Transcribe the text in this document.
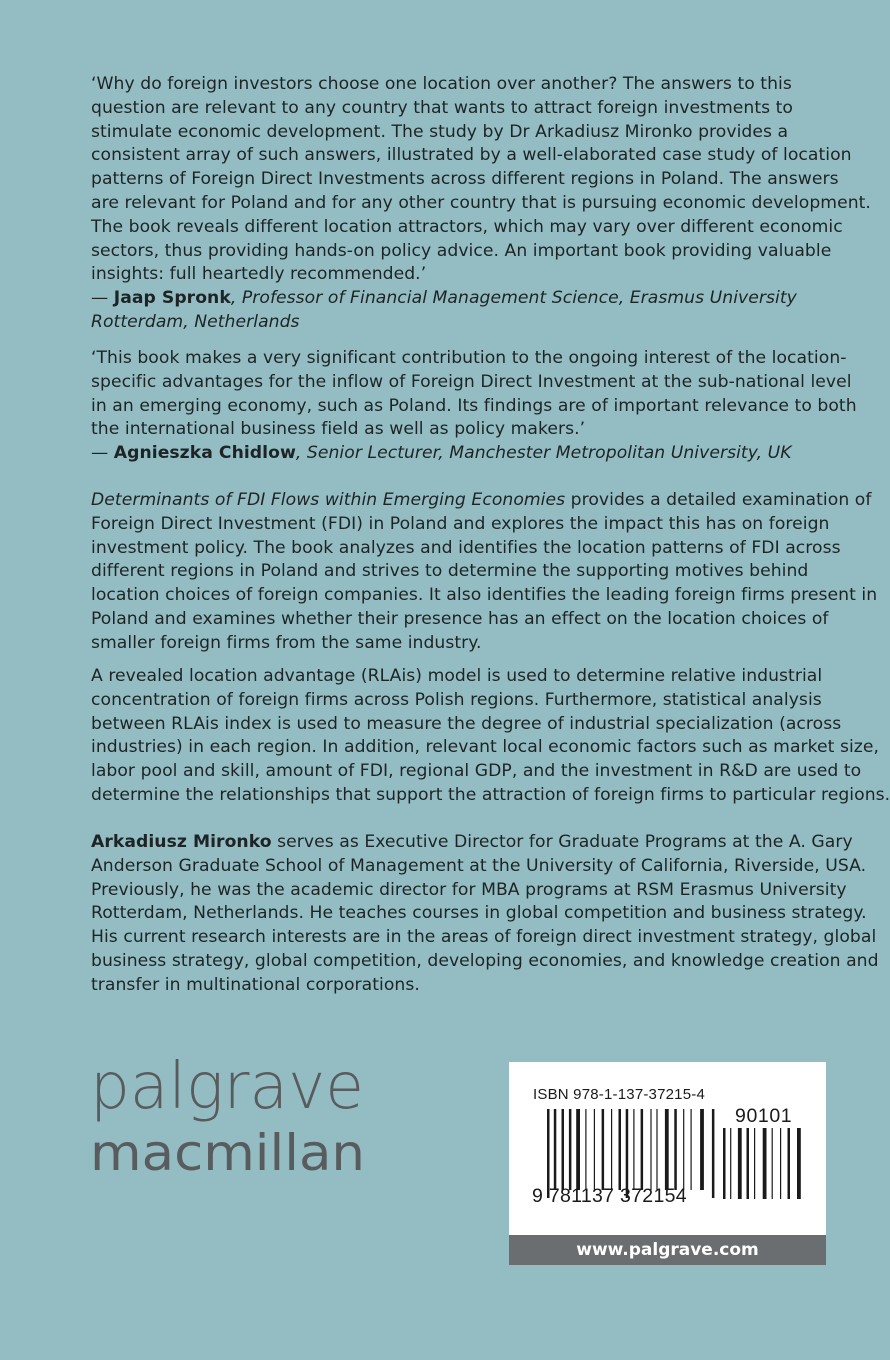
‘Why do foreign investors choose one location over another? The answers to this
question are relevant to any country that wants to attract foreign investments to
stimulate economic development. The study by Dr Arkadiusz Mironko provides a
consistent array of such answers, illustrated by a well-elaborated case study of location
patterns of Foreign Direct Investments across different regions in Poland. The answers
are relevant for Poland and for any other country that is pursuing economic development.
The book reveals different location attractors, which may vary over different economic
sectors, thus providing hands-on policy advice. An important book providing valuable
insights: full heartedly recommended.’
— Jaap Spronk, Professor of Financial Management Science, Erasmus University
Rotterdam, Netherlands
‘This book makes a very significant contribution to the ongoing interest of the location-
specific advantages for the inflow of Foreign Direct Investment at the sub-national level
in an emerging economy, such as Poland. Its findings are of important relevance to both
the international business field as well as policy makers.’
— Agnieszka Chidlow, Senior Lecturer, Manchester Metropolitan University, UK
Determinants of FDI Flows within Emerging Economies provides a detailed examination of
Foreign Direct Investment (FDI) in Poland and explores the impact this has on foreign
investment policy. The book analyzes and identifies the location patterns of FDI across
different regions in Poland and strives to determine the supporting motives behind
location choices of foreign companies. It also identifies the leading foreign firms present in
Poland and examines whether their presence has an effect on the location choices of
smaller foreign firms from the same industry.
A revealed location advantage (RLAis) model is used to determine relative industrial
concentration of foreign firms across Polish regions. Furthermore, statistical analysis
between RLAis index is used to measure the degree of industrial specialization (across
industries) in each region. In addition, relevant local economic factors such as market size,
labor pool and skill, amount of FDI, regional GDP, and the investment in R&D are used to
determine the relationships that support the attraction of foreign firms to particular regions.
Arkadiusz Mironko serves as Executive Director for Graduate Programs at the A. Gary
Anderson Graduate School of Management at the University of California, Riverside, USA.
Previously, he was the academic director for MBA programs at RSM Erasmus University
Rotterdam, Netherlands. He teaches courses in global competition and business strategy.
His current research interests are in the areas of foreign direct investment strategy, global
business strategy, global competition, developing economies, and knowledge creation and
transfer in multinational corporations.
palgrave
macmillan
ISBN 978-1-137-37215-4
90101
9 781137 372154
www.palgrave.com
